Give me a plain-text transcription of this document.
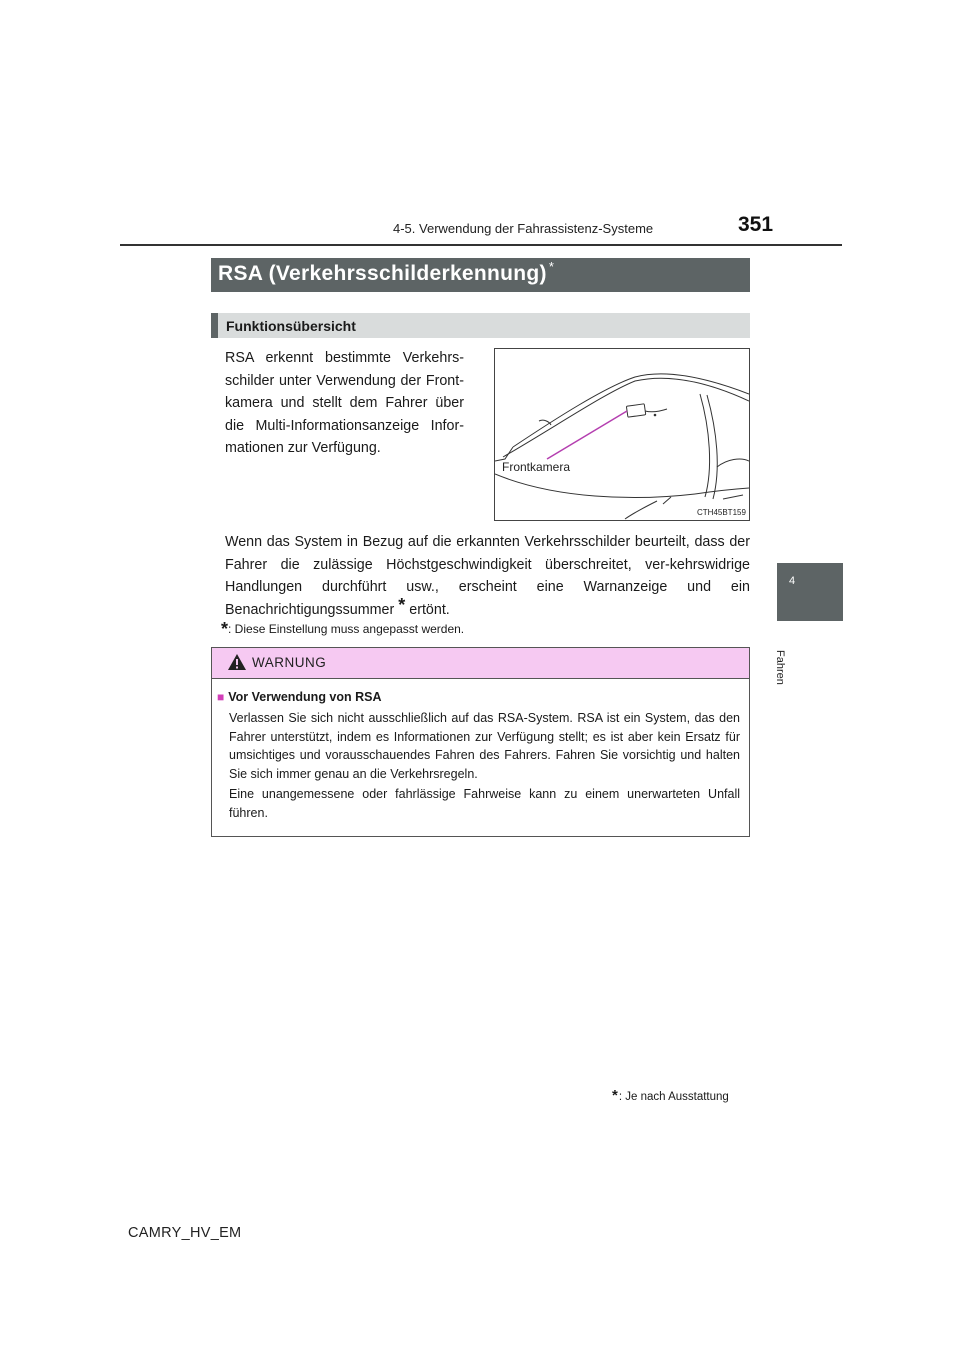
4-5. Verwendung der Fahrassistenz-Systeme	351
4
Fahren
RSA (Verkehrsschilderkennung) *
Funktionsübersicht
RSA erkennt bestimmte Verkehrs-schilder unter Verwendung der Front-kamera und stellt dem Fahrer über die Multi-Informationsanzeige Infor-mationen zur Verfügung.
Frontkamera
CTH45BT159
Wenn das System in Bezug auf die erkannten Verkehrsschilder beurteilt, dass der Fahrer die zulässige Höchstgeschwindigkeit überschreitet, ver-kehrswidrige Handlungen durchführt usw., erscheint eine Warnanzeige und ein Benachrichtigungssummer * ertönt.
*: Diese Einstellung muss angepasst werden.
WARNUNG
■ Vor Verwendung von RSA
Verlassen Sie sich nicht ausschließlich auf das RSA-System. RSA ist ein System, das den Fahrer unterstützt, indem es Informationen zur Verfügung stellt; es ist aber kein Ersatz für umsichtiges und vorausschauendes Fahren des Fahrers. Fahren Sie vorsichtig und halten Sie sich immer genau an die Verkehrsregeln.
Eine unangemessene oder fahrlässige Fahrweise kann zu einem unerwarteten Unfall führen.
*: Je nach Ausstattung
CAMRY_HV_EM
